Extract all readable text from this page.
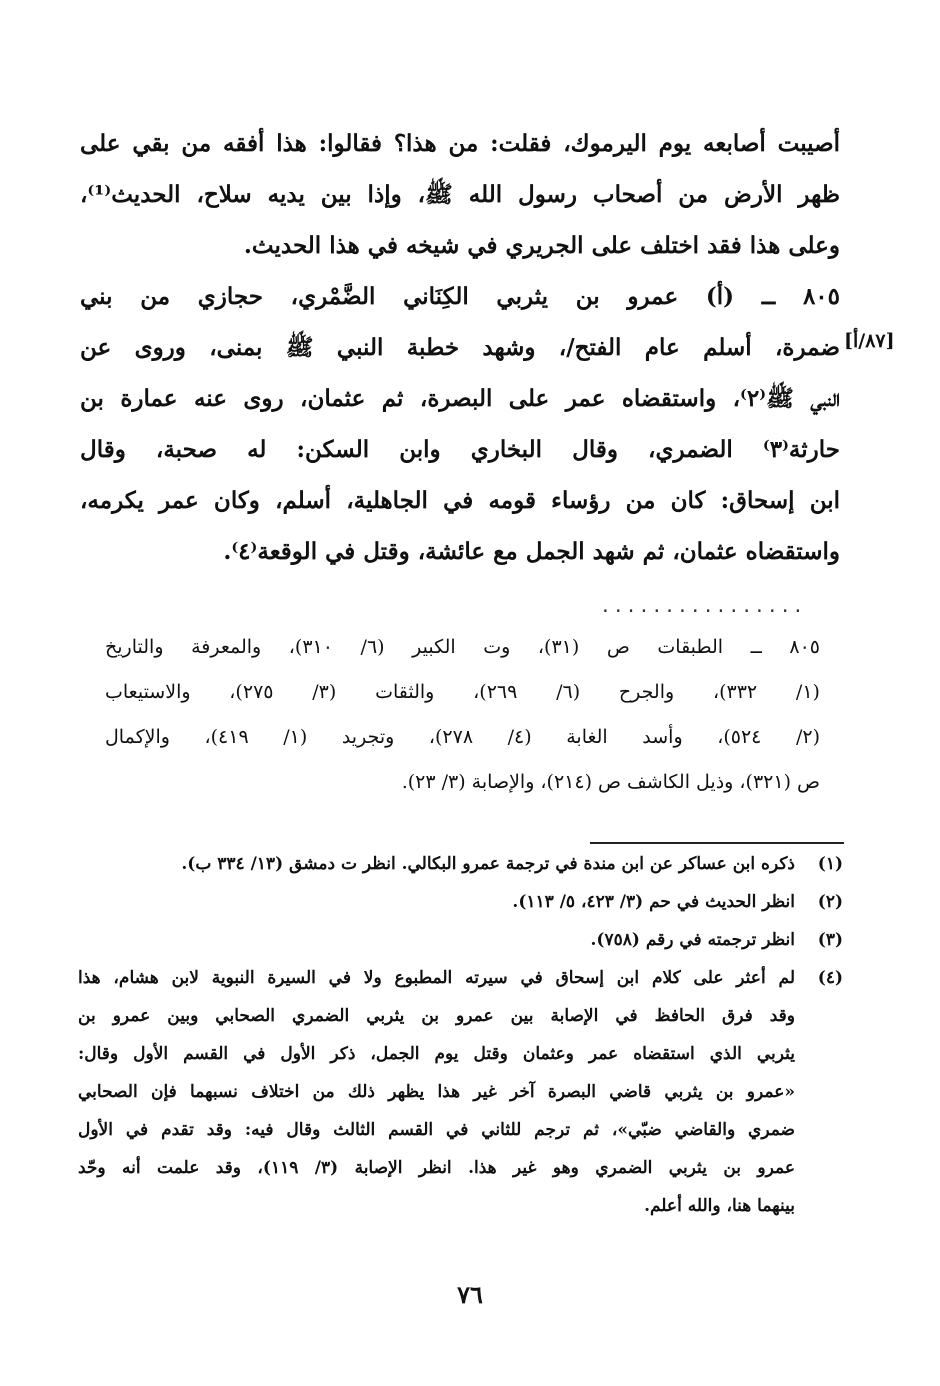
أصيبت أصابعه يوم اليرموك، فقلت: من هذا؟ فقالوا: هذا أفقه من بقي على
ظهر الأرض من أصحاب رسول الله ﷺ، وإذا بين يديه سلاح، الحديث⁽¹⁾،
وعلى هذا فقد اختلف على الجريري في شيخه في هذا الحديث.
٨٠٥ ــ (أ) عمرو بن يثربي الكِنَاني الضَّمْري، حجازي من بني
ضمرة، أسلم عام الفتح/، وشهد خطبة النبي ﷺ بمنى، وروى عن
النبي ﷺ⁽٢⁾، واستقضاه عمر على البصرة، ثم عثمان، روى عنه عمارة بن
حارثة⁽٣⁾ الضمري، وقال البخاري وابن السكن: له صحبة، وقال
ابن إسحاق: كان من رؤساء قومه في الجاهلية، أسلم، وكان عمر يكرمه،
واستقضاه عثمان، ثم شهد الجمل مع عائشة، وقتل في الوقعة⁽٤⁾.
[٨٧/أ]
................
٨٠٥ ــ الطبقات ص (٣١)، وت الكبير (٦/ ٣١٠)، والمعرفة والتاريخ
(١/ ٣٣٢)، والجرح (٦/ ٢٦٩)، والثقات (٣/ ٢٧٥)، والاستيعاب
(٢/ ٥٢٤)، وأسد الغابة (٤/ ٢٧٨)، وتجريد (١/ ٤١٩)، والإكمال
ص (٣٢١)، وذيل الكاشف ص (٢١٤)، والإصابة (٣/ ٢٣).
(١)
ذكره ابن عساكر عن ابن مندة في ترجمة عمرو البكالي. انظر ت دمشق (١٣/ ٣٣٤ ب).
(٢)
انظر الحديث في حم (٣/ ٤٢٣، ٥/ ١١٣).
(٣)
انظر ترجمته في رقم (٧٥٨).
(٤)
لم أعثر على كلام ابن إسحاق في سيرته المطبوع ولا في السيرة النبوية لابن هشام، هذا
وقد فرق الحافظ في الإصابة بين عمرو بن يثربي الضمري الصحابي وبين عمرو بن
يثربي الذي استقضاه عمر وعثمان وقتل يوم الجمل، ذكر الأول في القسم الأول وقال:
«عمرو بن يثربي قاضي البصرة آخر غير هذا يظهر ذلك من اختلاف نسبهما فإن الصحابي
ضمري والقاضي ضبّي»، ثم ترجم للثاني في القسم الثالث وقال فيه: وقد تقدم في الأول
عمرو بن يثربي الضمري وهو غير هذا. انظر الإصابة (٣/ ١١٩)، وقد علمت أنه وحّد
بينهما هنا، والله أعلم.
٧٦
